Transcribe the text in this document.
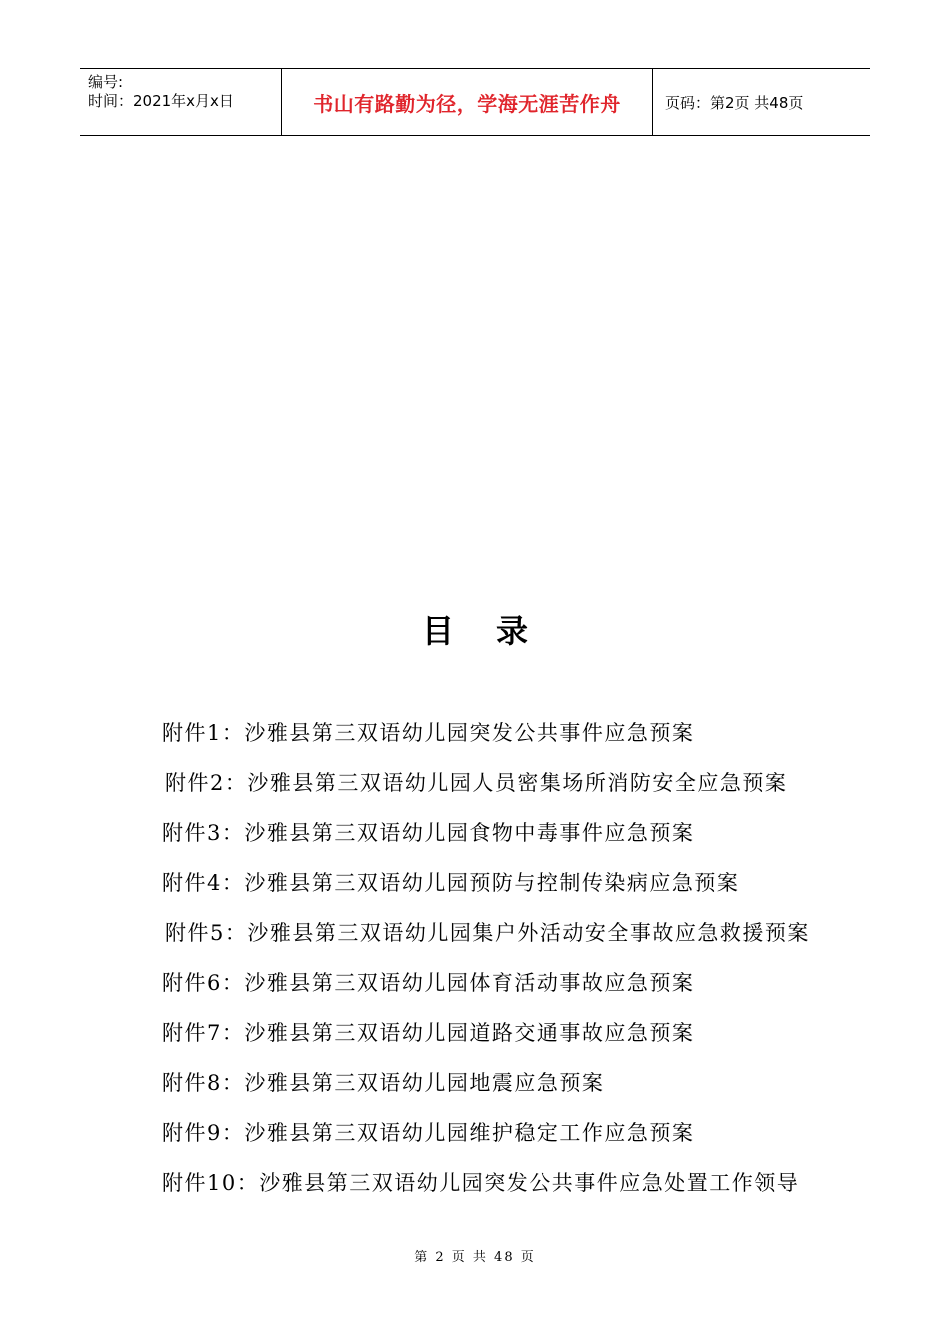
编号:
时间：2021年x月x日	书山有路勤为径，学海无涯苦作舟	页码：第2页 共48页
目 录
附件1：沙雅县第三双语幼儿园突发公共事件应急预案
附件2：沙雅县第三双语幼儿园人员密集场所消防安全应急预案
附件3：沙雅县第三双语幼儿园食物中毒事件应急预案
附件4：沙雅县第三双语幼儿园预防与控制传染病应急预案
附件5：沙雅县第三双语幼儿园集户外活动安全事故应急救援预案
附件6：沙雅县第三双语幼儿园体育活动事故应急预案
附件7：沙雅县第三双语幼儿园道路交通事故应急预案
附件8：沙雅县第三双语幼儿园地震应急预案
附件9：沙雅县第三双语幼儿园维护稳定工作应急预案
附件10：沙雅县第三双语幼儿园突发公共事件应急处置工作领导
第 2 页 共 48 页
